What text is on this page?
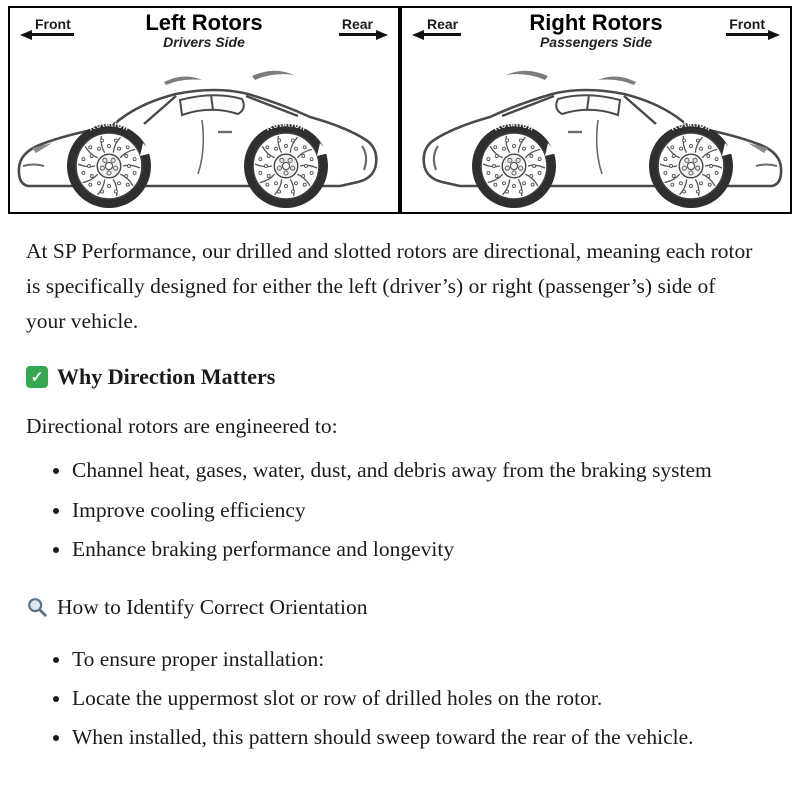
Front	Left Rotors
Drivers Side
Rear	Rear	Right Rotors
Passengers Side
Front

At SP Performance, our drilled and slotted rotors are directional, meaning each rotor is specifically designed for either the left (driver’s) or right (passenger’s) side of your vehicle.

✓
Why Direction Matters

Directional rotors are engineered to:

• Channel heat, gases, water, dust, and debris away from the braking system
• Improve cooling efficiency
• Enhance braking performance and longevity
How to Identify Correct Orientation
• To ensure proper installation:
• Locate the uppermost slot or row of drilled holes on the rotor.
• When installed, this pattern should sweep toward the rear of the vehicle.
